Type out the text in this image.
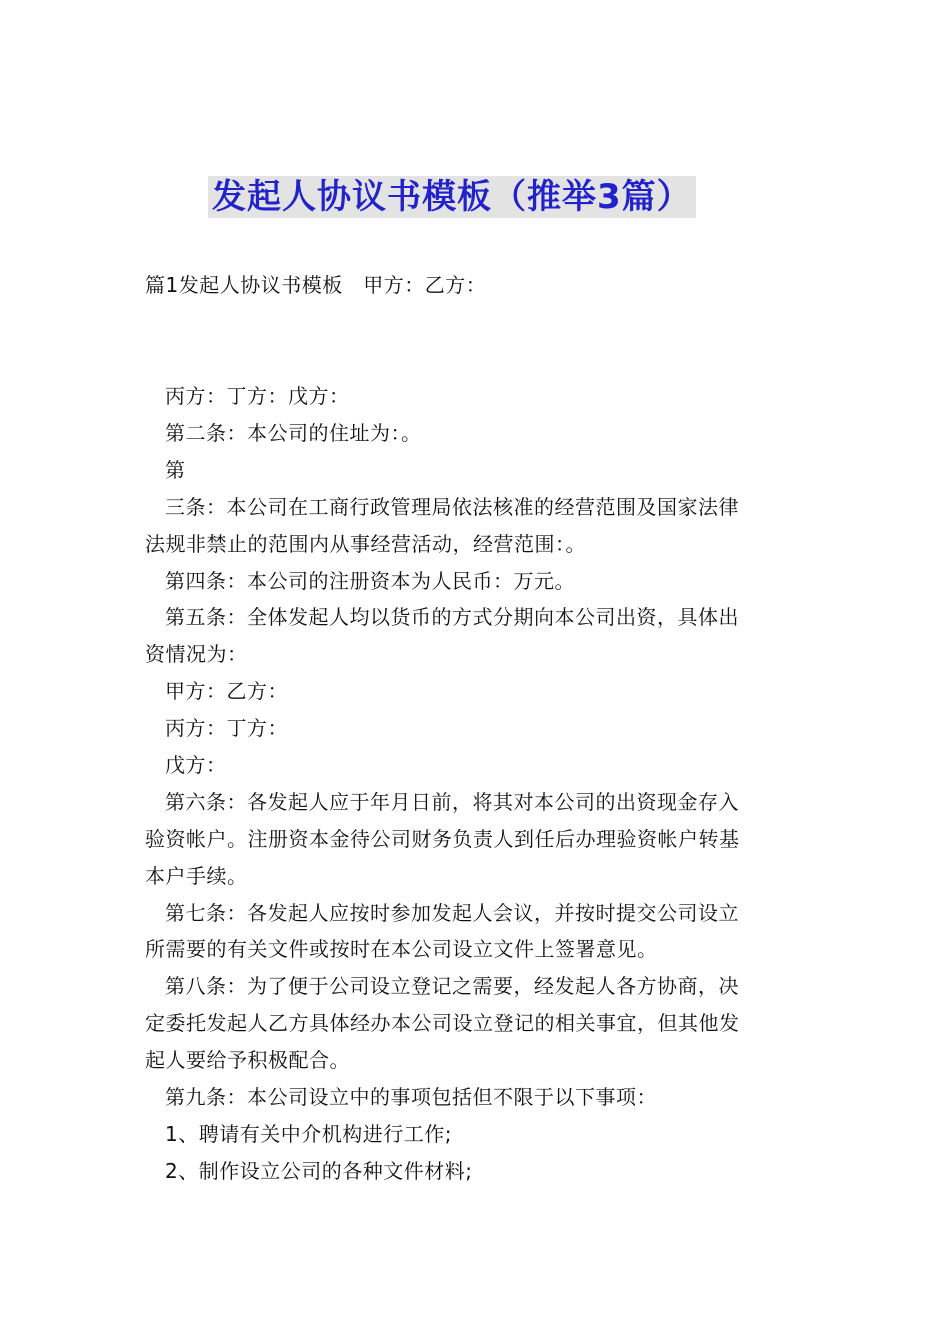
发起人协议书模板（推举3篇）
篇1发起人协议书模板　甲方：乙方：
丙方：丁方：戊方：
第二条：本公司的住址为：。
第
三条：本公司在工商行政管理局依法核准的经营范围及国家法律
法规非禁止的范围内从事经营活动，经营范围：。
第四条：本公司的注册资本为人民币：万元。
第五条：全体发起人均以货币的方式分期向本公司出资，具体出
资情况为：
甲方：乙方：
丙方：丁方：
戊方：
第六条：各发起人应于年月日前，将其对本公司的出资现金存入
验资帐户。注册资本金待公司财务负责人到任后办理验资帐户转基
本户手续。
第七条：各发起人应按时参加发起人会议，并按时提交公司设立
所需要的有关文件或按时在本公司设立文件上签署意见。
第八条：为了便于公司设立登记之需要，经发起人各方协商，决
定委托发起人乙方具体经办本公司设立登记的相关事宜，但其他发
起人要给予积极配合。
第九条：本公司设立中的事项包括但不限于以下事项：
1、聘请有关中介机构进行工作;
2、制作设立公司的各种文件材料;
